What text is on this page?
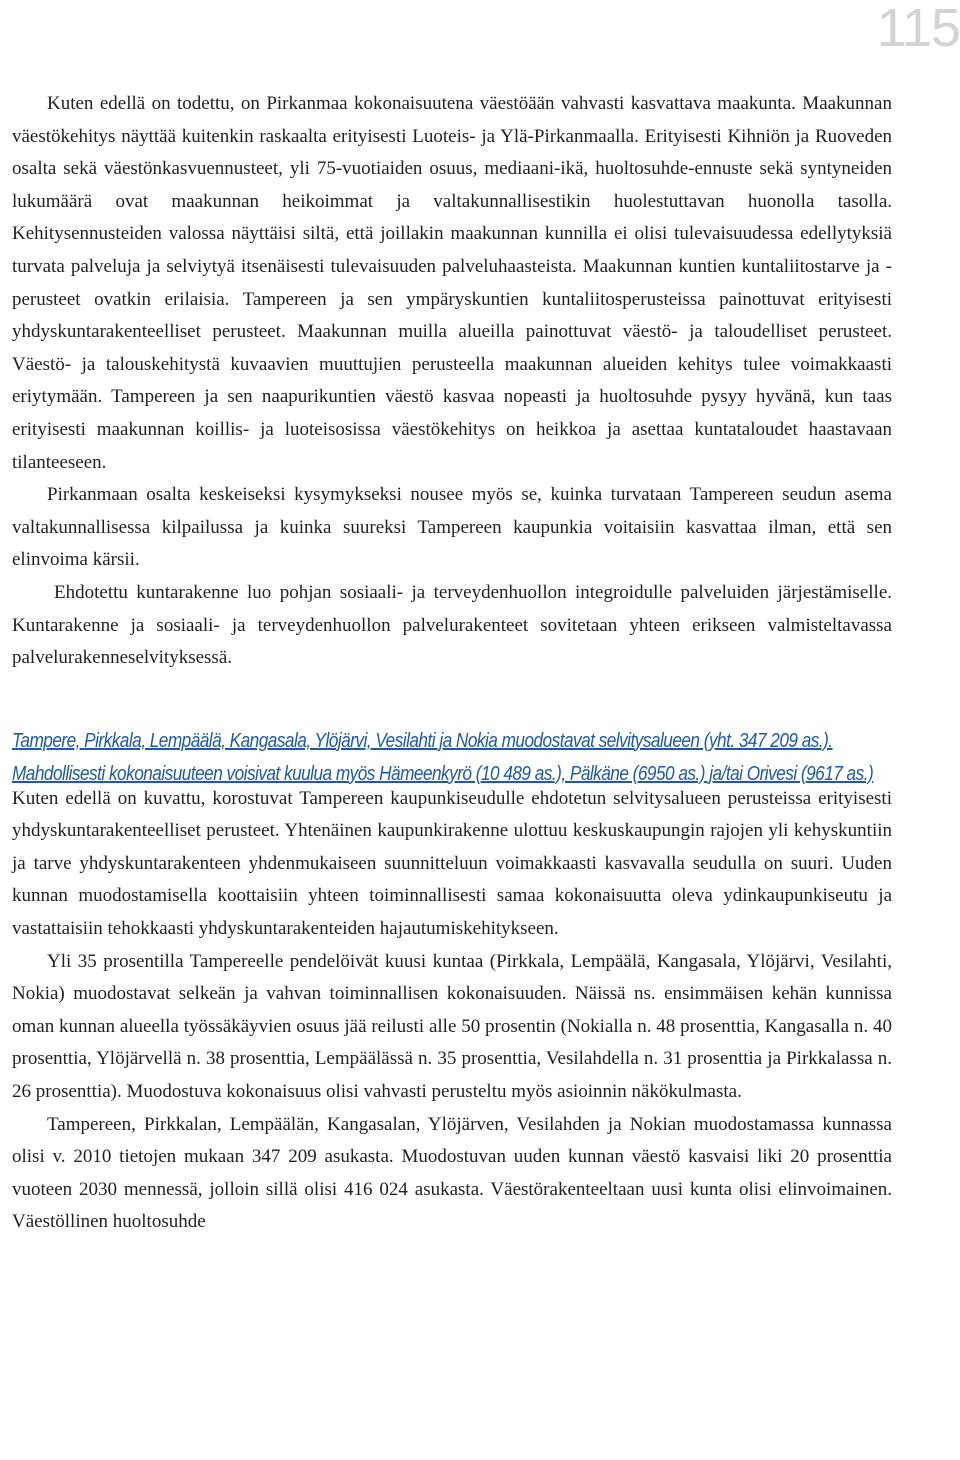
115

Kuten edellä on todettu, on Pirkanmaa kokonaisuutena väestöään vahvasti kasvattava maakunta. Maakunnan väestökehitys näyttää kuitenkin raskaalta erityisesti Luoteis- ja Ylä-Pirkanmaalla. Erityisesti Kihniön ja Ruoveden osalta sekä väestönkasvuennusteet, yli 75-vuotiaiden osuus, mediaani-ikä, huoltosuhde-ennuste sekä syntyneiden lukumäärä ovat maakunnan heikoimmat ja valtakunnallisestikin huolestuttavan huonolla tasolla. Kehitysennusteiden valossa näyttäisi siltä, että joillakin maakunnan kunnilla ei olisi tulevaisuudessa edellytyksiä turvata palveluja ja selviytyä itsenäisesti tulevaisuuden palveluhaasteista. Maakunnan kuntien kuntaliitostarve ja -perusteet ovatkin erilaisia. Tampereen ja sen ympäryskuntien kuntaliitosperusteissa painottuvat erityisesti yhdyskuntarakenteelliset perusteet. Maakunnan muilla alueilla painottuvat väestö- ja taloudelliset perusteet. Väestö- ja talouskehitystä kuvaavien muuttujien perusteella maakunnan alueiden kehitys tulee voimakkaasti eriytymään. Tampereen ja sen naapurikuntien väestö kasvaa nopeasti ja huoltosuhde pysyy hyvänä, kun taas erityisesti maakunnan koillis- ja luoteisosissa väestökehitys on heikkoa ja asettaa kuntataloudet haastavaan tilanteeseen.

Pirkanmaan osalta keskeiseksi kysymykseksi nousee myös se, kuinka turvataan Tampereen seudun asema valtakunnallisessa kilpailussa ja kuinka suureksi Tampereen kaupunkia voitaisiin kasvattaa ilman, että sen elinvoima kärsii.

Ehdotettu kuntarakenne luo pohjan sosiaali- ja terveydenhuollon integroidulle palveluiden järjestämiselle. Kuntarakenne ja sosiaali- ja terveydenhuollon palvelurakenteet sovitetaan yhteen erikseen valmisteltavassa palvelurakenneselvityksessä.

Tampere, Pirkkala, Lempäälä, Kangasala, Ylöjärvi, Vesilahti ja Nokia muodostavat selvitysalueen (yht. 347 209 as.). Mahdollisesti kokonaisuuteen voisivat kuulua myös Hämeenkyrö (10 489 as.), Pälkäne (6950 as.) ja/tai Orivesi (9617 as.)

Kuten edellä on kuvattu, korostuvat Tampereen kaupunkiseudulle ehdotetun selvitysalueen perusteissa erityisesti yhdyskuntarakenteelliset perusteet. Yhtenäinen kaupunkirakenne ulottuu keskuskaupungin rajojen yli kehyskuntiin ja tarve yhdyskuntarakenteen yhdenmukaiseen suunnitteluun voimakkaasti kasvavalla seudulla on suuri. Uuden kunnan muodostamisella koottaisiin yhteen toiminnallisesti samaa kokonaisuutta oleva ydinkaupunkiseutu ja vastattaisiin tehokkaasti yhdyskuntarakenteiden hajautumiskehitykseen.

Yli 35 prosentilla Tampereelle pendelöivät kuusi kuntaa (Pirkkala, Lempäälä, Kangasala, Ylöjärvi, Vesilahti, Nokia) muodostavat selkeän ja vahvan toiminnallisen kokonaisuuden. Näissä ns. ensimmäisen kehän kunnissa oman kunnan alueella työssäkäyvien osuus jää reilusti alle 50 prosentin (Nokialla n. 48 prosenttia, Kangasalla n. 40 prosenttia, Ylöjärvellä n. 38 prosenttia, Lempäälässä n. 35 prosenttia, Vesilahdella n. 31 prosenttia ja Pirkkalassa n. 26 prosenttia). Muodostuva kokonaisuus olisi vahvasti perusteltu myös asioinnin näkökulmasta.

Tampereen, Pirkkalan, Lempäälän, Kangasalan, Ylöjärven, Vesilahden ja Nokian muodostamassa kunnassa olisi v. 2010 tietojen mukaan 347 209 asukasta. Muodostuvan uuden kunnan väestö kasvaisi liki 20 prosenttia vuoteen 2030 mennessä, jolloin sillä olisi 416 024 asukasta. Väestörakenteeltaan uusi kunta olisi elinvoimainen. Väestöllinen huoltosuhde
